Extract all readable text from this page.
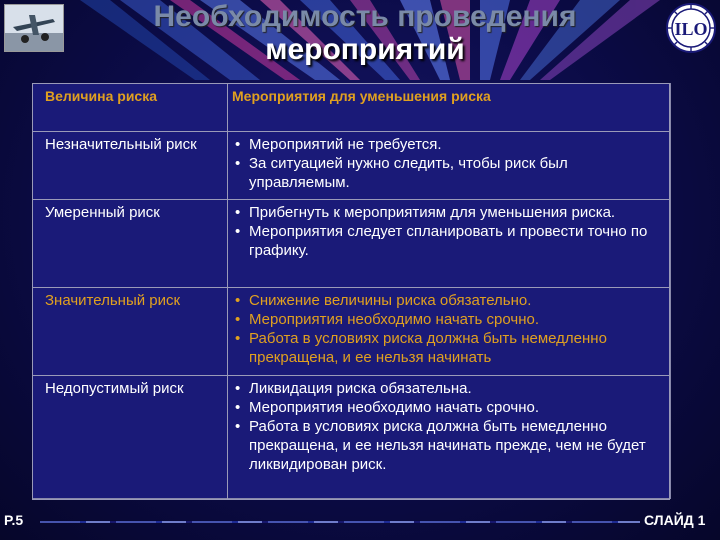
Необходимость проведения
мероприятий
ILO
Величина риска	Мероприятия для уменьшения риска
Незначительный риск	• Мероприятий не требуется.
• За ситуацией нужно следить, чтобы риск был управляемым.

Умеренный риск	• Прибегнуть к мероприятиям для уменьшения риска.
• Мероприятия следует спланировать и провести точно по графику.

Значительный риск	• Снижение величины риска обязательно.
• Мероприятия необходимо начать срочно.
• Работа в условиях риска должна быть немедленно прекращена, и ее нельзя начинать

Недопустимый риск	• Ликвидация риска обязательна.
• Мероприятия необходимо начать срочно.
• Работа в условиях риска должна быть немедленно прекращена, и ее нельзя начинать прежде, чем не будет ликвидирован риск.
P.5	СЛАЙД 1
